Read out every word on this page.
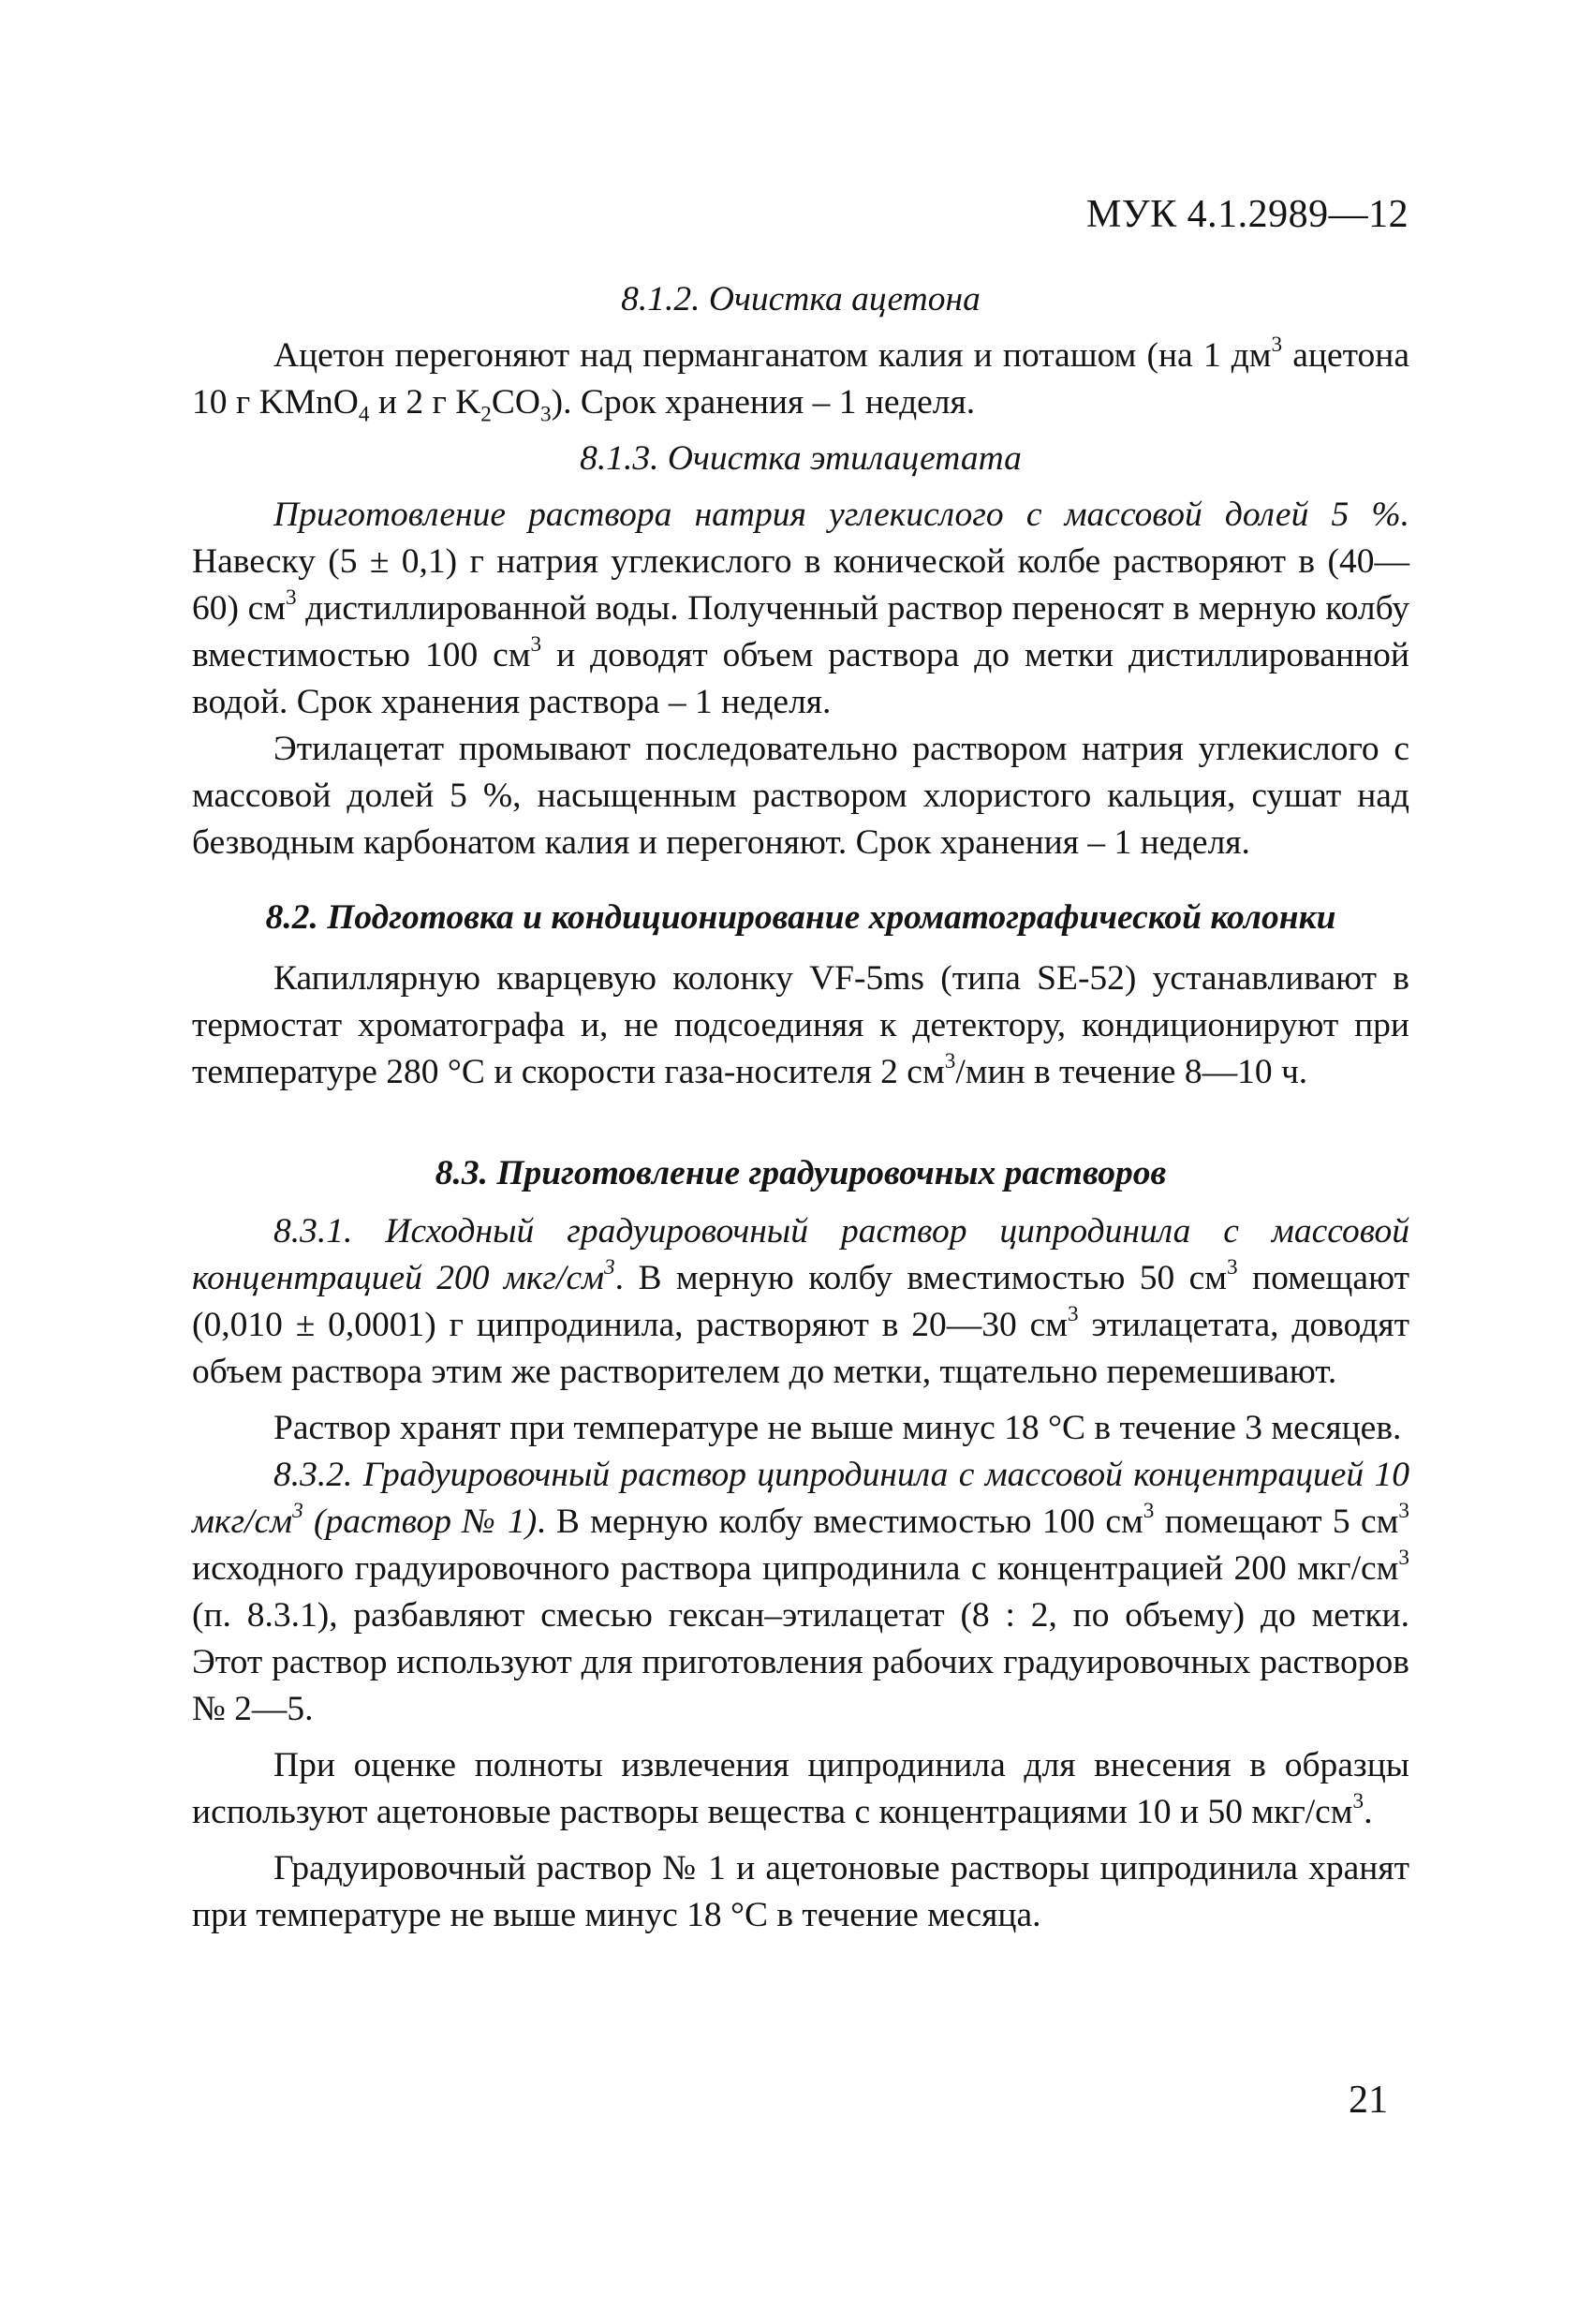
МУК 4.1.2989—12
8.1.2. Очистка ацетона

Ацетон перегоняют над перманганатом калия и поташом (на 1 $дм^3$ ацетона 10 г KMnO$_4$ и 2 г $K_2CO_3$). Срок хранения – 1 неделя.

8.1.3. Очистка этилацетата

Приготовление раствора натрия углекислого с массовой долей 5 %. Навеску (5 ± 0,1) г натрия углекислого в конической колбе растворяют в (40—60) $см^3$ дистиллированной воды. Полученный раствор переносят в мерную колбу вместимостью 100 $см^3$ и доводят объем раствора до метки дистиллированной водой. Срок хранения раствора – 1 неделя.

Этилацетат промывают последовательно раствором натрия углекислого с массовой долей 5 %, насыщенным раствором хлористого кальция, сушат над безводным карбонатом калия и перегоняют. Срок хранения – 1 неделя.

8.2. Подготовка и кондиционирование хроматографической колонки

Капиллярную кварцевую колонку VF-5ms (типа SE-52) устанавливают в термостат хроматографа и, не подсоединяя к детектору, кондиционируют при температуре 280 °С и скорости газа-носителя 2 $см^3$/мин в течение 8—10 ч.

8.3. Приготовление градуировочных растворов

8.3.1. Исходный градуировочный раствор ципродинила с массовой концентрацией 200 мкг/$см^3$. В мерную колбу вместимостью 50 $см^3$ помещают (0,010 ± 0,0001) г ципродинила, растворяют в 20—30 $см^3$ этилацетата, доводят объем раствора этим же растворителем до метки, тщательно перемешивают.

Раствор хранят при температуре не выше минус 18 °С в течение 3 месяцев.

8.3.2. Градуировочный раствор ципродинила с массовой концентрацией 10 мкг/$см^3$ (раствор № 1). В мерную колбу вместимостью 100 $см^3$ помещают 5 $см^3$ исходного градуировочного раствора ципродинила с концентрацией 200 мкг/$см^3$ (п. 8.3.1), разбавляют смесью гексан–этилацетат (8 : 2, по объему) до метки. Этот раствор используют для приготовления рабочих градуировочных растворов № 2—5.

При оценке полноты извлечения ципродинила для внесения в образцы используют ацетоновые растворы вещества с концентрациями 10 и 50 мкг/$см^3$.

Градуировочный раствор № 1 и ацетоновые растворы ципродинила хранят при температуре не выше минус 18 °С в течение месяца.

21
